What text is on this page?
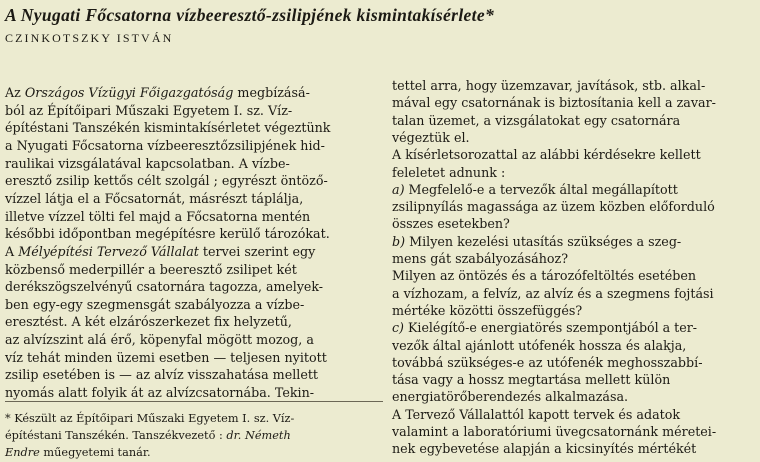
A Nyugati Főcsatorna vízbeeresztő-zsilipjének kismintakísérlete*
CZINKOTSZKY ISTVÁN
Az Országos Vízügyi Főigazgatóság megbízásá-
ból az Építőipari Műszaki Egyetem I. sz. Víz-
építéstani Tanszékén kismintakísérletet végeztünk
a Nyugati Főcsatorna vízbeeresztőzsilipjének hid-
raulikai vizsgálatával kapcsolatban. A vízbe-
eresztő zsilip kettős célt szolgál ; egyrészt öntöző-
vízzel látja el a Főcsatornát, másrészt táplálja,
illetve vízzel tölti fel majd a Főcsatorna mentén
későbbi időpontban megépítésre kerülő tározókat.
A Mélyépítési Tervező Vállalat tervei szerint egy
közbenső mederpillér a beeresztő zsilipet két
derékszögszelvényű csatornára tagozza, amelyek-
ben egy-egy szegmensgát szabályozza a vízbe-
eresztést. A két elzárószerkezet fix helyzetű,
az alvízszint alá érő, köpenyfal mögött mozog, a
víz tehát minden üzemi esetben — teljesen nyitott
zsilip esetében is — az alvíz visszahatása mellett
nyomás alatt folyik át az alvízcsatornába. Tekin-
* Készült az Építőipari Műszaki Egyetem I. sz. Víz-
építéstani Tanszékén. Tanszékvezető : dr. Németh
Endre műegyetemi tanár.
tettel arra, hogy üzemzavar, javítások, stb. alkal-
mával egy csatornának is biztosítania kell a zavar-
talan üzemet, a vizsgálatokat egy csatornára
végeztük el.
A kísérletsorozattal az alábbi kérdésekre kellett
feleletet adnunk :
a) Megfelelő-e a tervezők által megállapított
zsilipnyílás magassága az üzem közben előforduló
összes esetekben?
b) Milyen kezelési utasítás szükséges a szeg-
mens gát szabályozásához?
Milyen az öntözés és a tározófeltöltés esetében
a vízhozam, a felvíz, az alvíz és a szegmens fojtási
mértéke közötti összefüggés?
c) Kielégítő-e energiatörés szempontjából a ter-
vezők által ajánlott utófenék hossza és alakja,
továbbá szükséges-e az utófenék meghosszabbí-
tása vagy a hossz megtartása mellett külön
energiatörőberendezés alkalmazása.
A Tervező Vállalattól kapott tervek és adatok
valamint a laboratóriumi üvegcsatornánk méretei-
nek egybevetése alapján a kicsinyítés mértékét
